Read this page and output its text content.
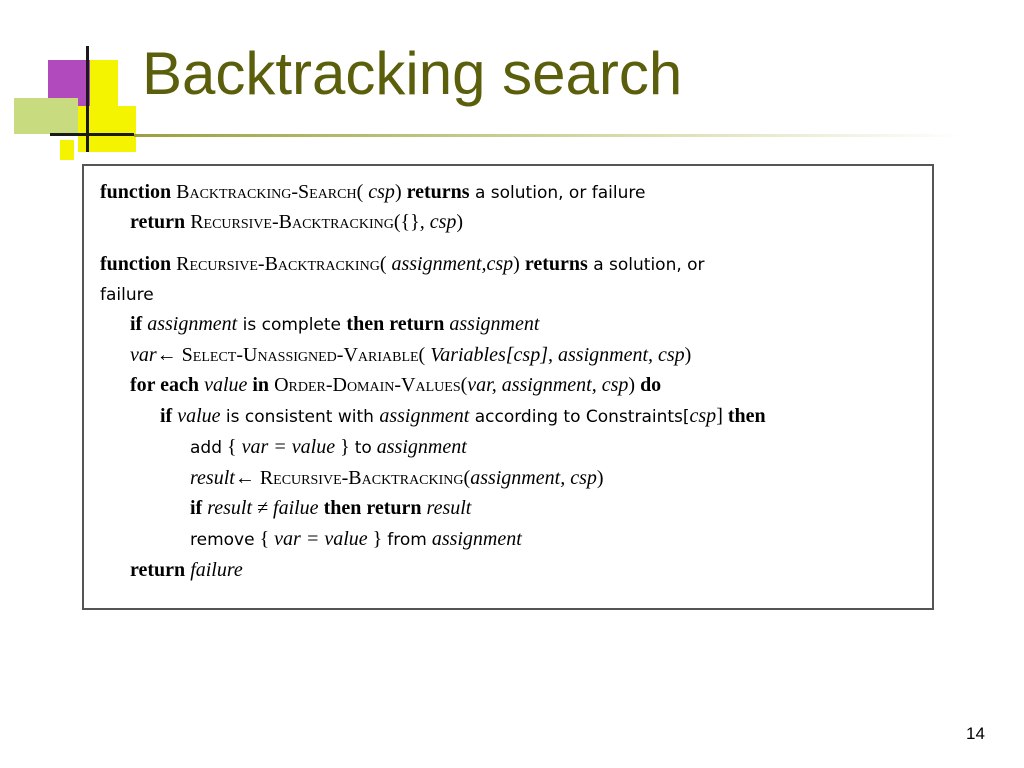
Backtracking search
function Backtracking-Search( csp) returns a solution, or failure
return Recursive-Backtracking({}, csp)
function Recursive-Backtracking( assignment,csp) returns a solution, or
failure
if assignment is complete then return assignment
var← Select-Unassigned-Variable( Variables[csp], assignment, csp)
for each value in Order-Domain-Values(var, assignment, csp) do
if value is consistent with assignment according to Constraints[csp] then
add { var = value } to assignment
result← Recursive-Backtracking(assignment, csp)
if result ≠ failue then return result
remove { var = value } from assignment
return failure
14
